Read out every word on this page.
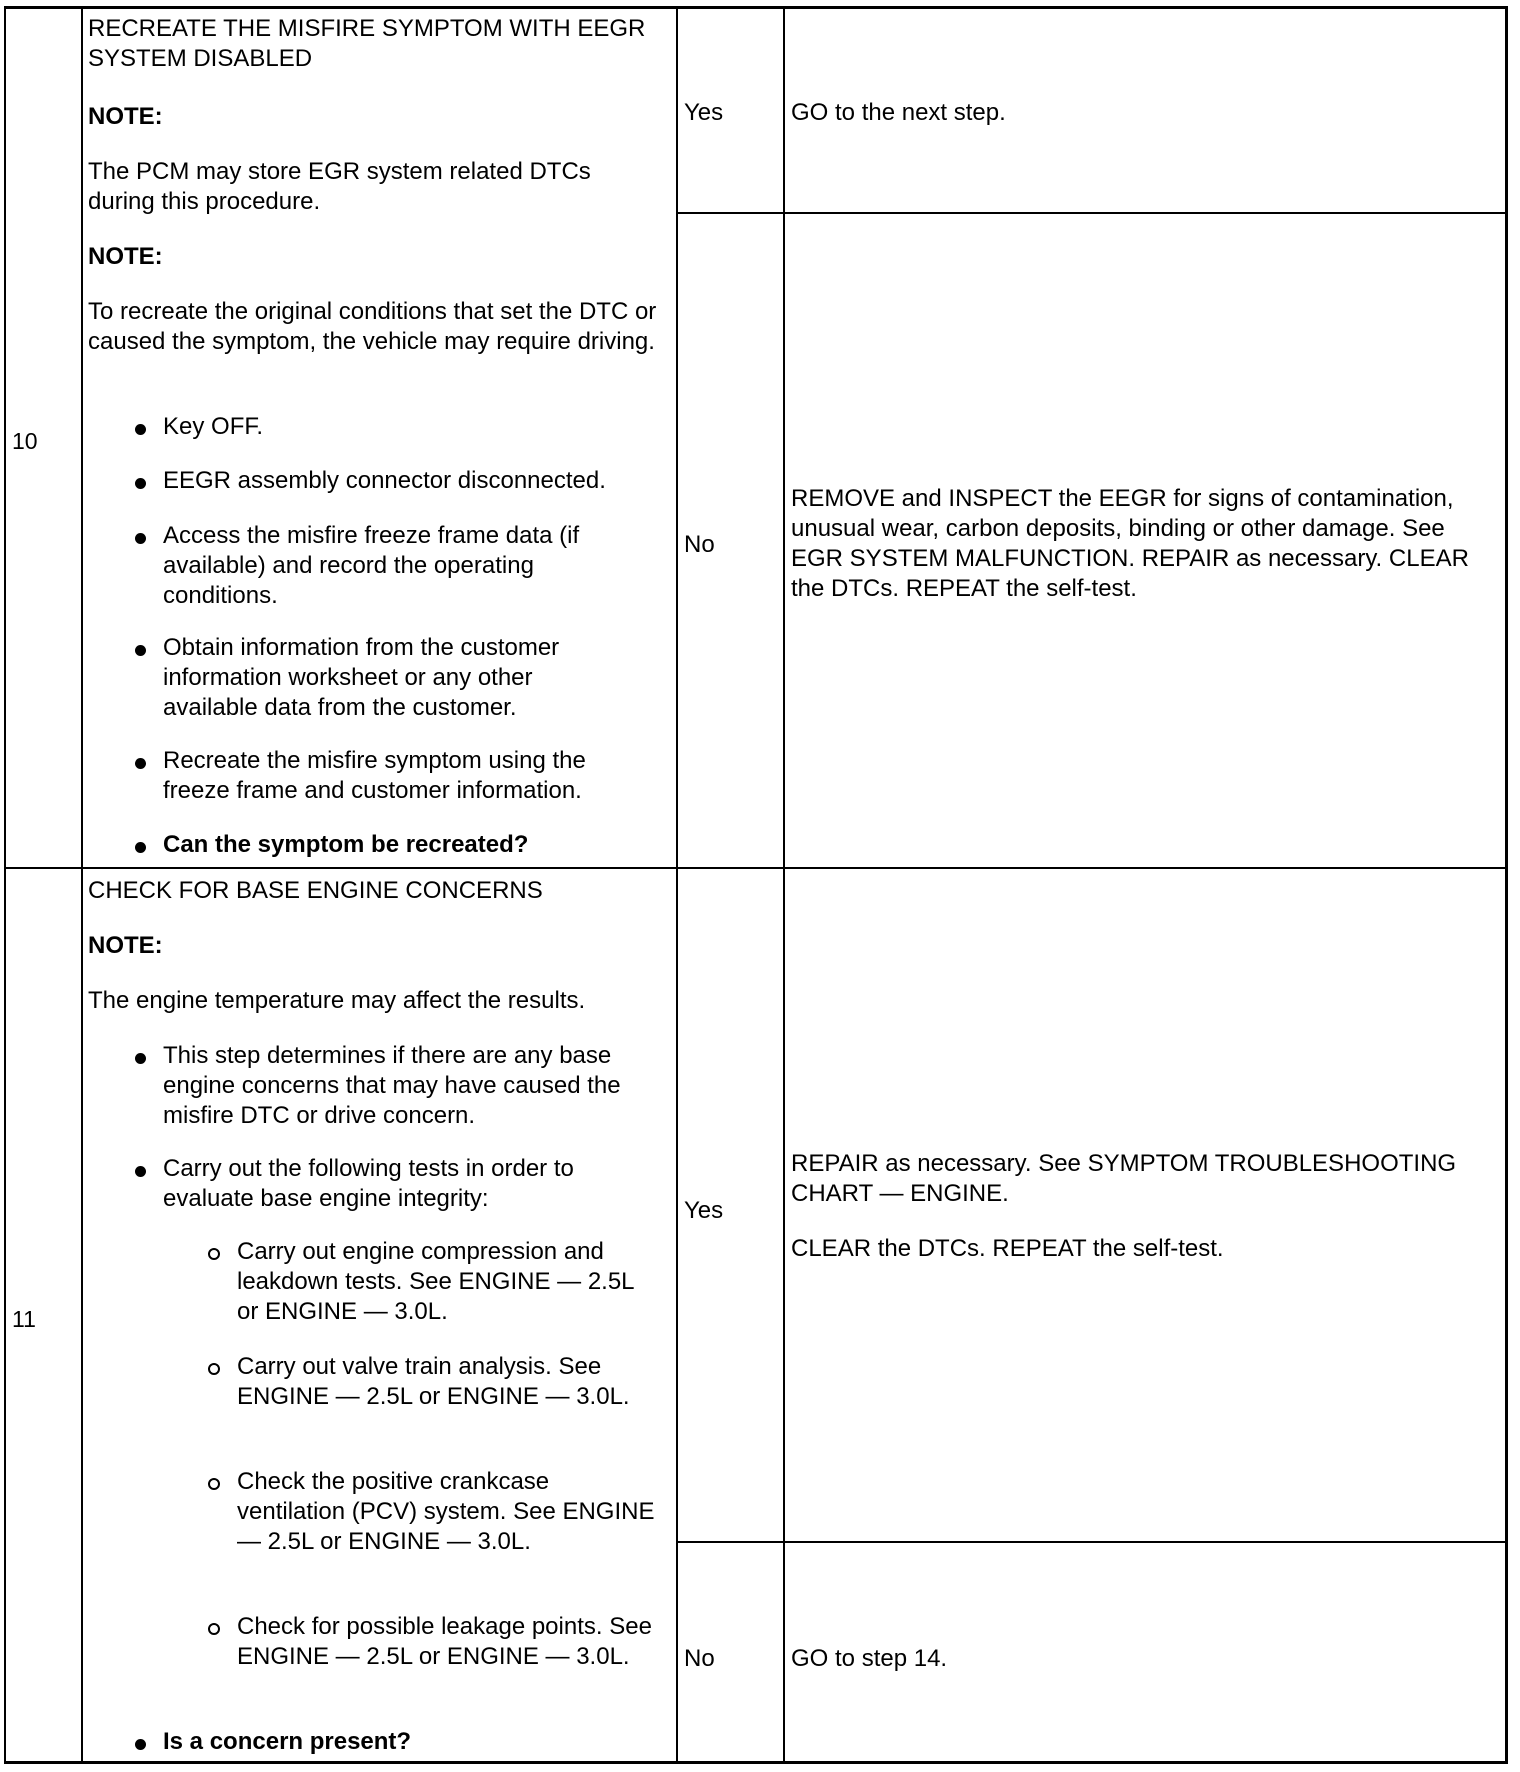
10
RECREATE THE MISFIRE SYMPTOM WITH EEGR SYSTEM DISABLED
NOTE:
The PCM may store EGR system related DTCs during this procedure.
NOTE:
To recreate the original conditions that set the DTC or caused the symptom, the vehicle may require driving.
Key OFF.
EEGR assembly connector disconnected.
Access the misfire freeze frame data (if available) and record the operating conditions.
Obtain information from the customer information worksheet or any other available data from the customer.
Recreate the misfire symptom using the freeze frame and customer information.
Can the symptom be recreated?
Yes	GO to the next step.
No
REMOVE and INSPECT the EEGR for signs of contamination, unusual wear, carbon deposits, binding or other damage. See EGR SYSTEM MALFUNCTION. REPAIR as necessary. CLEAR the DTCs. REPEAT the self-test.
11
CHECK FOR BASE ENGINE CONCERNS
NOTE:
The engine temperature may affect the results.
This step determines if there are any base engine concerns that may have caused the misfire DTC or drive concern.
Carry out the following tests in order to evaluate base engine integrity:
Carry out engine compression and leakdown tests. See ENGINE — 2.5L or ENGINE — 3.0L.
Carry out valve train analysis. See ENGINE — 2.5L or ENGINE — 3.0L.
Check the positive crankcase ventilation (PCV) system. See ENGINE — 2.5L or ENGINE — 3.0L.
Check for possible leakage points. See ENGINE — 2.5L or ENGINE — 3.0L.
Is a concern present?
Yes
REPAIR as necessary. See SYMPTOM TROUBLESHOOTING CHART — ENGINE.
CLEAR the DTCs. REPEAT the self-test.
No	GO to step 14.
